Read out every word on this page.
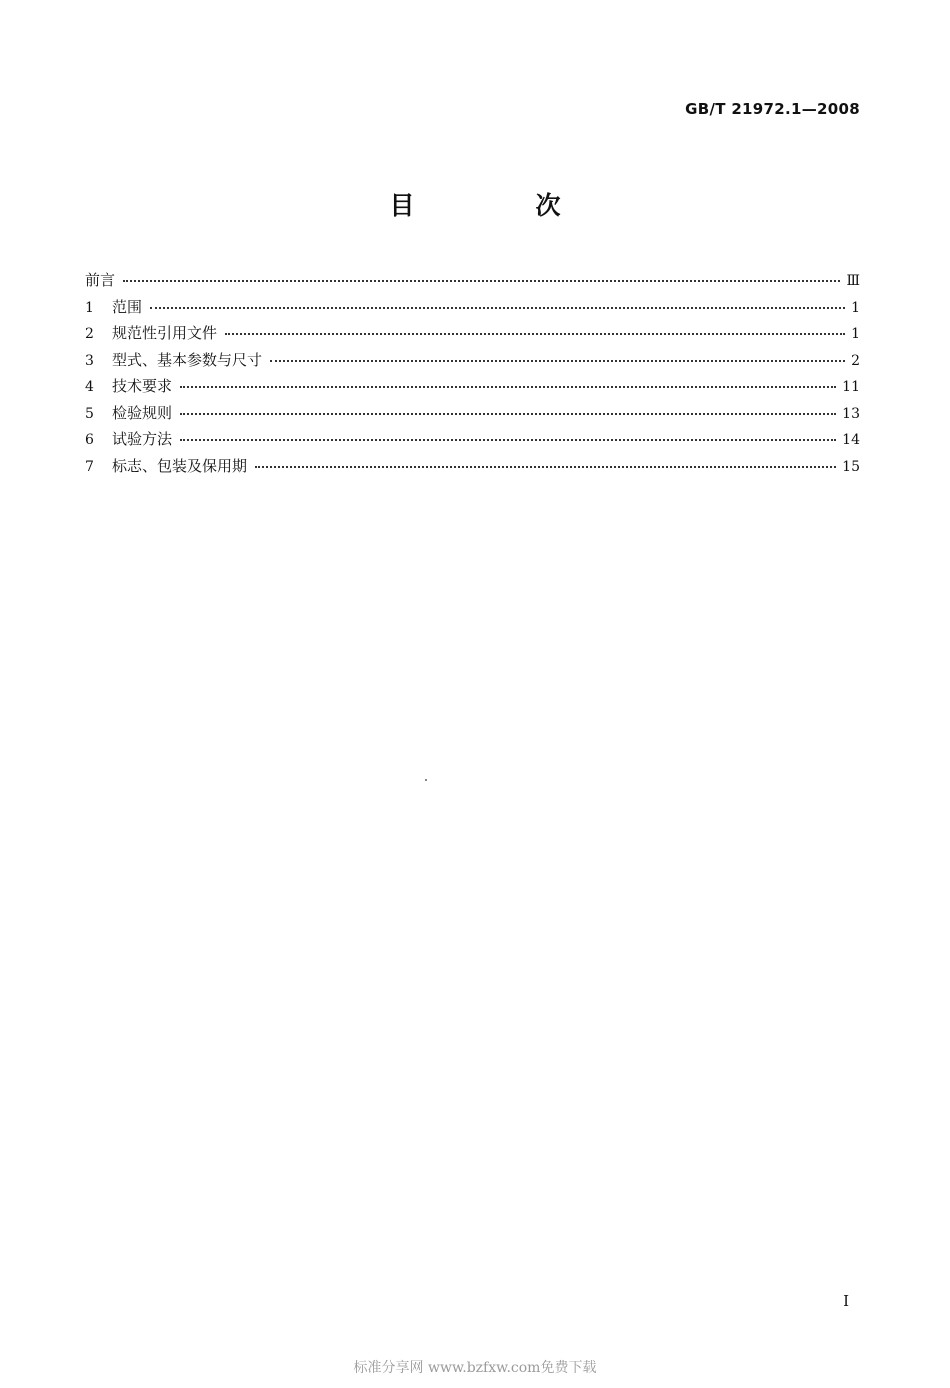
GB/T 21972.1—2008
目　次
前言	Ⅲ
1	范围	1
2	规范性引用文件	1
3	型式、基本参数与尺寸	2
4	技术要求	11
5	检验规则	13
6	试验方法	14
7	标志、包装及保用期	15
I
标准分享网 www.bzfxw.com免费下载
